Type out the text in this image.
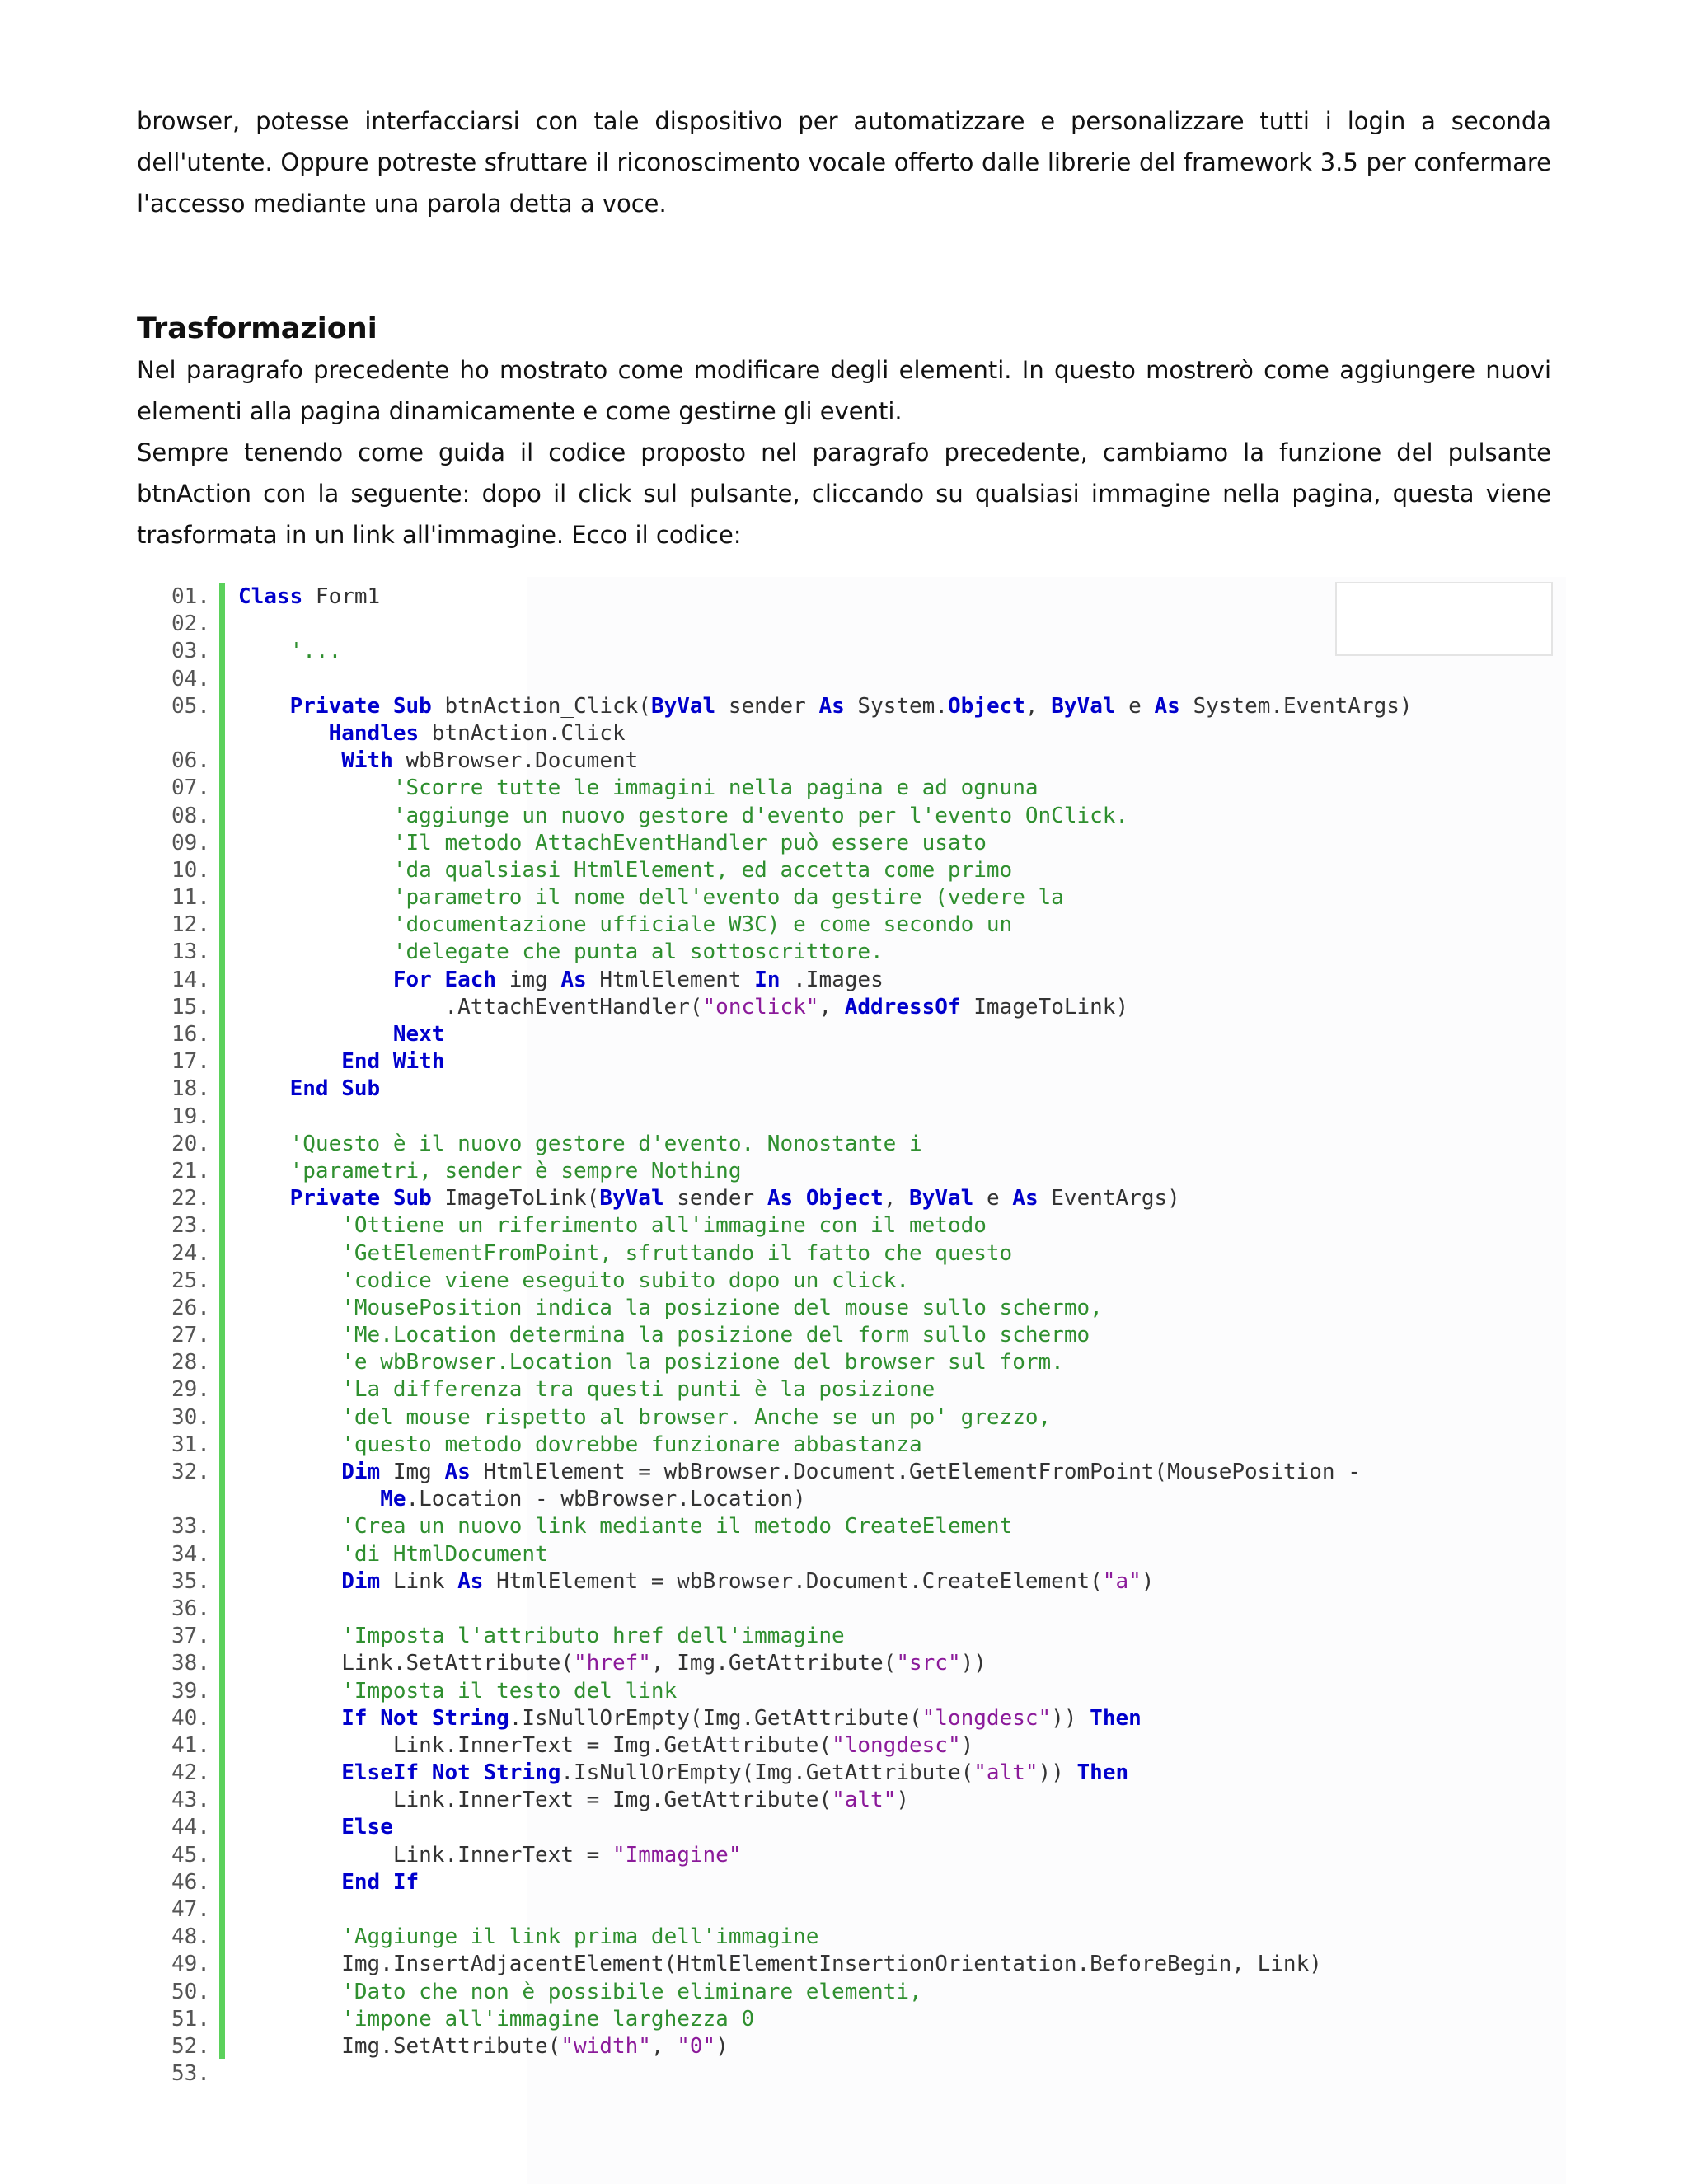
browser, potesse interfacciarsi con tale dispositivo per automatizzare e personalizzare tutti i login a seconda dell'utente. Oppure potreste sfruttare il riconoscimento vocale offerto dalle librerie del framework 3.5 per confermare l'accesso mediante una parola detta a voce.

Trasformazioni

Nel paragrafo precedente ho mostrato come modificare degli elementi. In questo mostrerò come aggiungere nuovi elementi alla pagina dinamicamente e come gestirne gli eventi.

Sempre tenendo come guida il codice proposto nel paragrafo precedente, cambiamo la funzione del pulsante btnAction con la seguente: dopo il click sul pulsante, cliccando su qualsiasi immagine nella pagina, questa viene trasformata in un link all'immagine. Ecco il codice:

01. Class Form1
02.
03.	'...
04.
05.	Private Sub btnAction_Click(ByVal sender As System.Object, ByVal e As System.EventArgs)
Handles btnAction.Click
06.	With wbBrowser.Document
07.	'Scorre tutte le immagini nella pagina e ad ognuna
08.	'aggiunge un nuovo gestore d'evento per l'evento OnClick.
09.	'Il metodo AttachEventHandler può essere usato
10.	'da qualsiasi HtmlElement, ed accetta come primo
11.	'parametro il nome dell'evento da gestire (vedere la
12.	'documentazione ufficiale W3C) e come secondo un
13.	'delegate che punta al sottoscrittore.
14.	For Each img As HtmlElement In .Images
15. .AttachEventHandler("onclick", AddressOf ImageToLink)
16.	Next
17.	End With
18.	End Sub
19.
20.	'Questo è il nuovo gestore d'evento. Nonostante i
21.	'parametri, sender è sempre Nothing
22.	Private Sub ImageToLink(ByVal sender As Object, ByVal e As EventArgs)
23.	'Ottiene un riferimento all'immagine con il metodo
24.	'GetElementFromPoint, sfruttando il fatto che questo
25.	'codice viene eseguito subito dopo un click.
26.	'MousePosition indica la posizione del mouse sullo schermo,
27.	'Me.Location determina la posizione del form sullo schermo
28.	'e wbBrowser.Location la posizione del browser sul form.
29.	'La differenza tra questi punti è la posizione
30.	'del mouse rispetto al browser. Anche se un po' grezzo,
31.	'questo metodo dovrebbe funzionare abbastanza
32.	Dim Img As HtmlElement = wbBrowser.Document.GetElementFromPoint(MousePosition -
Me.Location - wbBrowser.Location)
33.	'Crea un nuovo link mediante il metodo CreateElement
34.	'di HtmlDocument
35.	Dim Link As HtmlElement = wbBrowser.Document.CreateElement("a")
36.
37.	'Imposta l'attributo href dell'immagine
38. Link.SetAttribute("href", Img.GetAttribute("src"))
39.	'Imposta il testo del link
40.	If Not String.IsNullOrEmpty(Img.GetAttribute("longdesc")) Then
41. Link.InnerText = Img.GetAttribute("longdesc")
42.	ElseIf Not String.IsNullOrEmpty(Img.GetAttribute("alt")) Then
43. Link.InnerText = Img.GetAttribute("alt")
44.	Else
45. Link.InnerText = "Immagine"
46.	End If
47.
48.	'Aggiunge il link prima dell'immagine
49. Img.InsertAdjacentElement(HtmlElementInsertionOrientation.BeforeBegin, Link)
50.	'Dato che non è possibile eliminare elementi,
51.	'impone all'immagine larghezza 0
52. Img.SetAttribute("width", "0")
53.
